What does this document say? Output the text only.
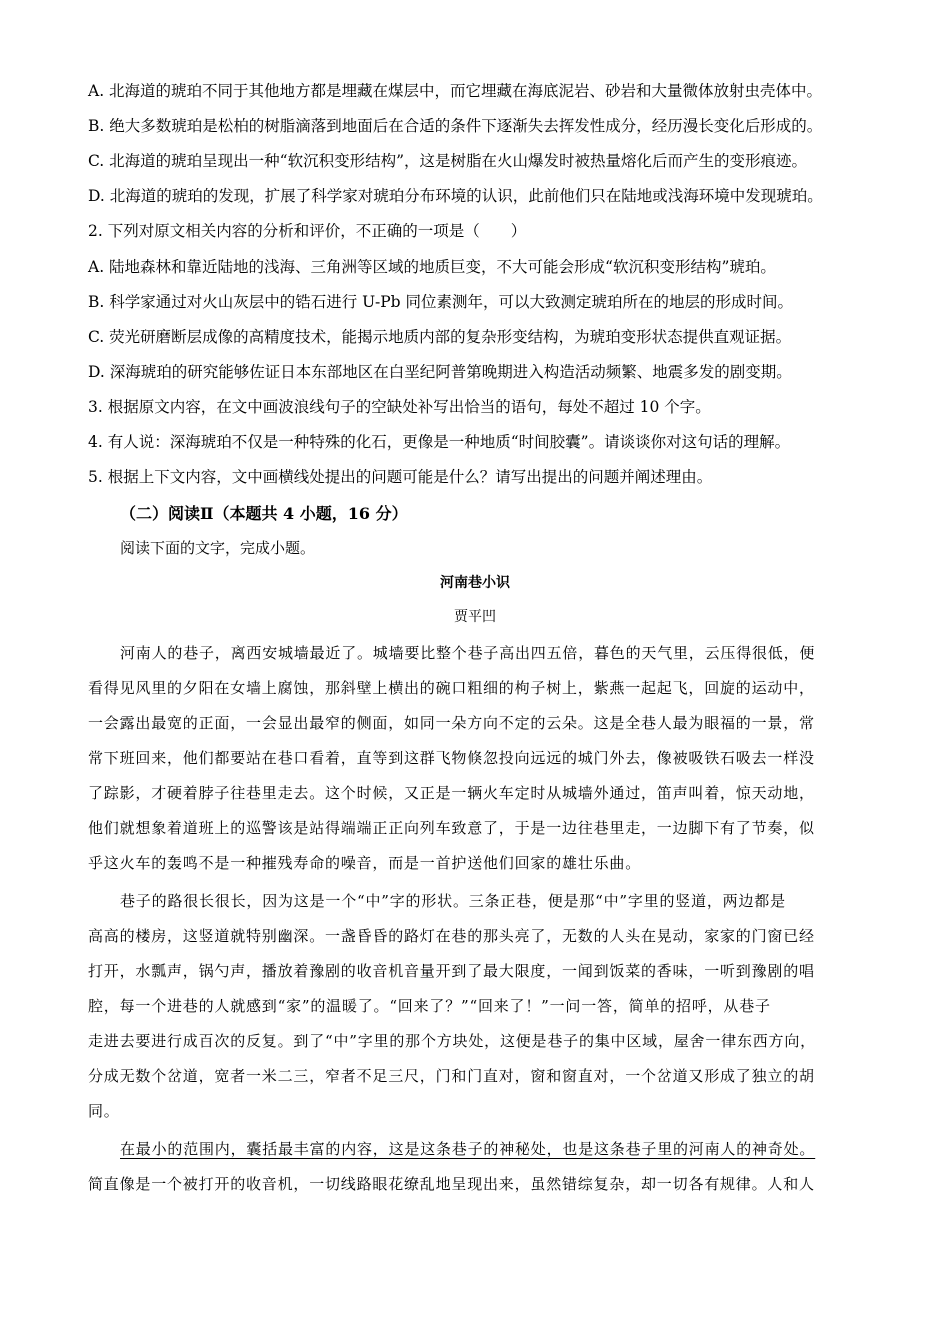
A. 北海道的琥珀不同于其他地方都是埋藏在煤层中，而它埋藏在海底泥岩、砂岩和大量微体放射虫壳体中。
B. 绝大多数琥珀是松柏的树脂滴落到地面后在合适的条件下逐渐失去挥发性成分，经历漫长变化后形成的。
C. 北海道的琥珀呈现出一种“软沉积变形结构”，这是树脂在火山爆发时被热量熔化后而产生的变形痕迹。
D. 北海道的琥珀的发现，扩展了科学家对琥珀分布环境的认识，此前他们只在陆地或浅海环境中发现琥珀。
2. 下列对原文相关内容的分析和评价，不正确的一项是（　　）
A. 陆地森林和靠近陆地的浅海、三角洲等区域的地质巨变，不大可能会形成“软沉积变形结构”琥珀。
B. 科学家通过对火山灰层中的锆石进行 U-Pb 同位素测年，可以大致测定琥珀所在的地层的形成时间。
C. 荧光研磨断层成像的高精度技术，能揭示地质内部的复杂形变结构，为琥珀变形状态提供直观证据。
D. 深海琥珀的研究能够佐证日本东部地区在白垩纪阿普第晚期进入构造活动频繁、地震多发的剧变期。
3. 根据原文内容，在文中画波浪线句子的空缺处补写出恰当的语句，每处不超过 10 个字。
4. 有人说：深海琥珀不仅是一种特殊的化石，更像是一种地质“时间胶囊”。请谈谈你对这句话的理解。
5. 根据上下文内容，文中画横线处提出的问题可能是什么？请写出提出的问题并阐述理由。
（二）阅读Ⅱ（本题共 4 小题，16 分）
阅读下面的文字，完成小题。
河南巷小识
贾平凹
河南人的巷子，离西安城墙最近了。城墙要比整个巷子高出四五倍，暮色的天气里，云压得很低，便
看得见风里的夕阳在女墙上腐蚀，那斜壁上横出的碗口粗细的枸子树上，紫燕一起起飞，回旋的运动中，
一会露出最宽的正面，一会显出最窄的侧面，如同一朵方向不定的云朵。这是全巷人最为眼福的一景，常
常下班回来，他们都要站在巷口看着，直等到这群飞物倏忽投向远远的城门外去，像被吸铁石吸去一样没
了踪影，才硬着脖子往巷里走去。这个时候，又正是一辆火车定时从城墙外通过，笛声叫着，惊天动地，
他们就想象着道班上的巡警该是站得端端正正向列车致意了，于是一边往巷里走，一边脚下有了节奏，似
乎这火车的轰鸣不是一种摧残寿命的噪音，而是一首护送他们回家的雄壮乐曲。
巷子的路很长很长，因为这是一个“中”字的形状。三条正巷，便是那“中”字里的竖道，两边都是
高高的楼房，这竖道就特别幽深。一盏昏昏的路灯在巷的那头亮了，无数的人头在晃动，家家的门窗已经
打开，水瓢声，锅勺声，播放着豫剧的收音机音量开到了最大限度，一闻到饭菜的香味，一听到豫剧的唱
腔，每一个进巷的人就感到“家”的温暖了。“回来了？”“回来了！”一问一答，简单的招呼，从巷子
走进去要进行成百次的反复。到了“中”字里的那个方块处，这便是巷子的集中区域，屋舍一律东西方向，
分成无数个岔道，宽者一米二三，窄者不足三尺，门和门直对，窗和窗直对，一个岔道又形成了独立的胡
同。
在最小的范围内，囊括最丰富的内容，这是这条巷子的神秘处，也是这条巷子里的河南人的神奇处。
简直像是一个被打开的收音机，一切线路眼花缭乱地呈现出来，虽然错综复杂，却一切各有规律。人和人
